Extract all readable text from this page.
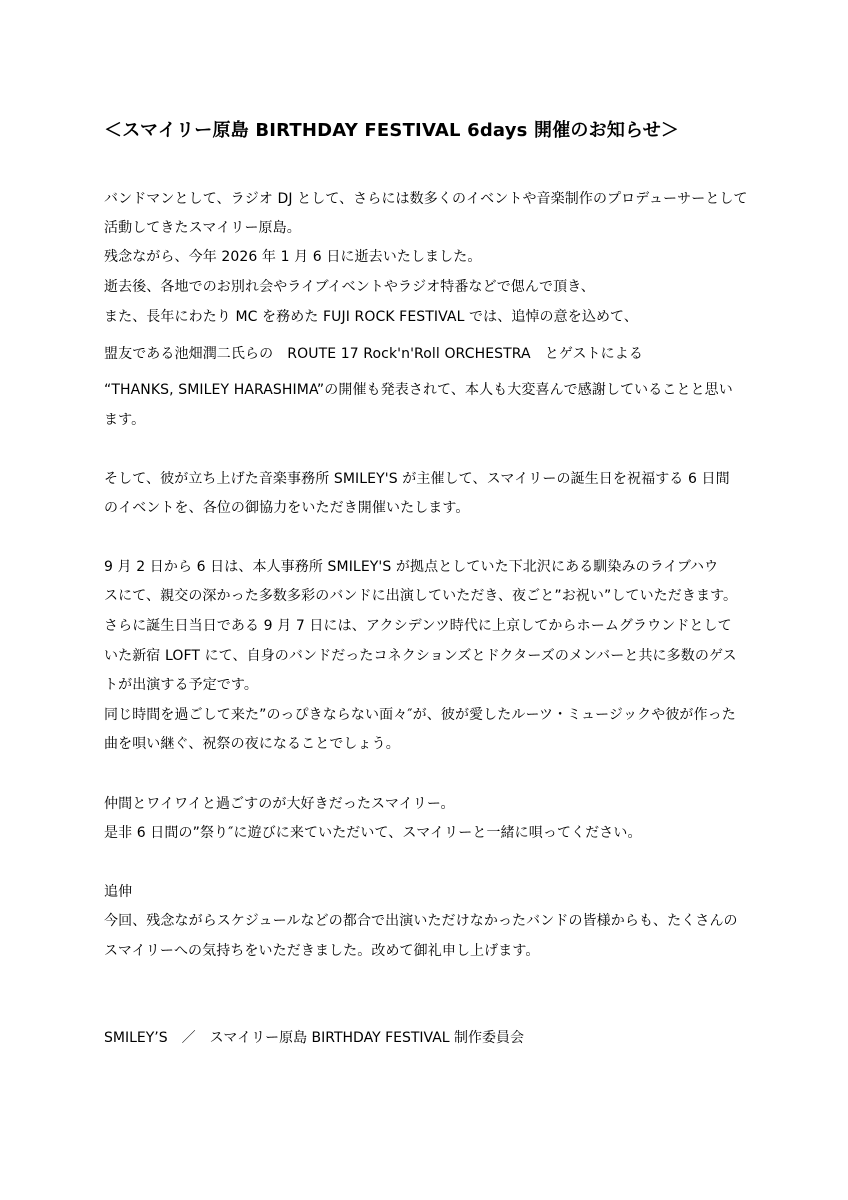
＜スマイリー原島 BIRTHDAY FESTIVAL 6days 開催のお知らせ＞
バンドマンとして、ラジオ DJ として、さらには数多くのイベントや音楽制作のプロデューサーとして
活動してきたスマイリー原島。
残念ながら、今年 2026 年 1 月 6 日に逝去いたしました。
逝去後、各地でのお別れ会やライブイベントやラジオ特番などで偲んで頂き、
また、長年にわたり MC を務めた FUJI ROCK FESTIVAL では、追悼の意を込めて、
盟友である池畑潤二氏らの　ROUTE 17 Rock'n'Roll ORCHESTRA　とゲストによる
“THANKS, SMILEY HARASHIMA”の開催も発表されて、本人も大変喜んで感謝していることと思い
ます。
そして、彼が立ち上げた音楽事務所 SMILEY'S が主催して、スマイリーの誕生日を祝福する 6 日間
のイベントを、各位の御協力をいただき開催いたします。
9 月 2 日から 6 日は、本人事務所 SMILEY'S が拠点としていた下北沢にある馴染みのライブハウ
スにて、親交の深かった多数多彩のバンドに出演していただき、夜ごと”お祝い”していただきます。
さらに誕生日当日である 9 月 7 日には、アクシデンツ時代に上京してからホームグラウンドとして
いた新宿 LOFT にて、自身のバンドだったコネクションズとドクターズのメンバーと共に多数のゲス
トが出演する予定です。
同じ時間を過ごして来た”のっぴきならない面々″が、彼が愛したルーツ・ミュージックや彼が作った
曲を唄い継ぐ、祝祭の夜になることでしょう。
仲間とワイワイと過ごすのが大好きだったスマイリー。
是非 6 日間の”祭り″に遊びに来ていただいて、スマイリーと一緒に唄ってください。
追伸
今回、残念ながらスケジュールなどの都合で出演いただけなかったバンドの皆様からも、たくさんの
スマイリーへの気持ちをいただきました。改めて御礼申し上げます。
SMILEY’S　／　スマイリー原島 BIRTHDAY FESTIVAL 制作委員会
